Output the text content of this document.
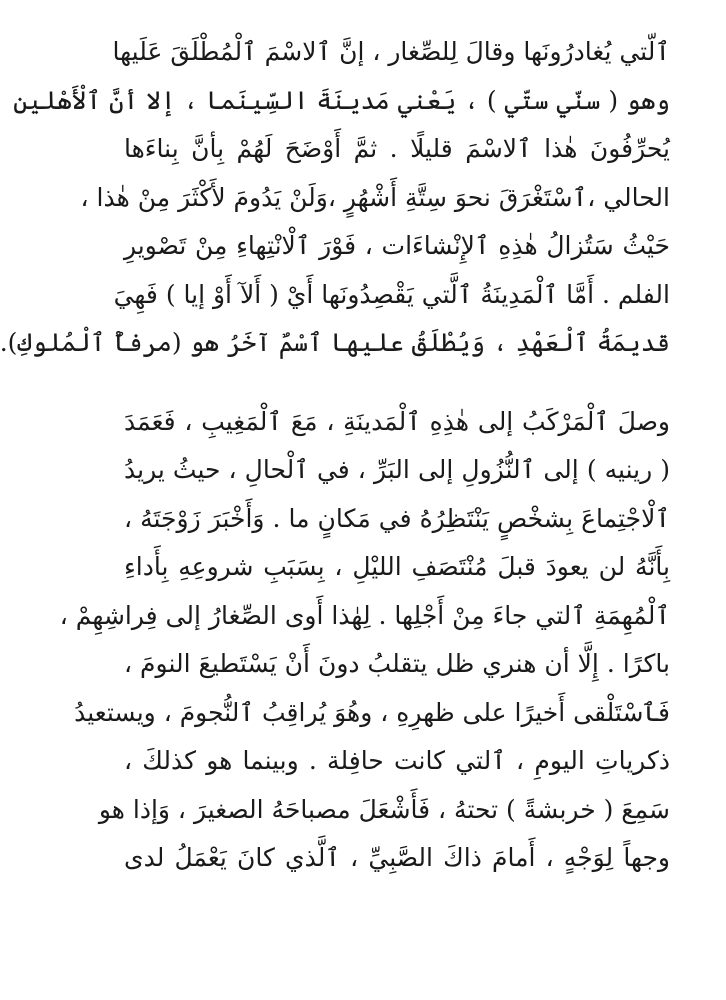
ٱلّتي يُغادرُونَها وقالَ لِلصِّغار ، إنَّ ٱلاسْمَ ٱلْمُطْلَقَ عَلَيها
وهو ( سنّي ستّي ) ، يَعْني مَدينَةَ السِّينَما ، إلا أنَّ ٱلْأَهْلين
يُحرِّفُونَ هٰذا ٱلاسْمَ قليلًا . ثمَّ أَوْضَحَ لَهُمْ بِأنَّ بِناءَها
الحالي ،ٱسْتَغْرَقَ نحوَ سِتَّةِ أَشْهُرٍ ،وَلَنْ يَدُومَ لأَكْثَرَ مِنْ هٰذا ،
حَيْثُ سَتُزالُ هٰذِهِ ٱلإِنْشاءَات ، فَوْرَ ٱلْانْتِهاءِ مِنْ تَصْويرِ
الفلم . أَمَّا ٱلْمَدِينَةُ ٱلَّتي يَقْصِدُونَها أَيْ ( أَلآ أَوْ إيا ) فَهِيَ
قديمَةُ ٱلْعَهْدِ ، وَيُطْلَقُ عليها ٱسْمٌ آخَرُ هو (مرفأُ ٱلْمُلوكِ).
وصلَ ٱلْمَرْكَبُ إلى هٰذِهِ ٱلْمَدينَةِ ، مَعَ ٱلْمَغِيبِ ، فَعَمَدَ
( رينيه ) إلى ٱلنُّزُولِ إلى البَرِّ ، في ٱلْحالِ ، حيثُ يريدُ
ٱلْاجْتِماعَ بِشخْصٍ يَنْتَظِرُهُ في مَكانٍ ما . وَأَخْبَرَ زَوْجَتَهُ ،
بِأَنَّهُ لن يعودَ قبلَ مُنْتَصَفِ الليْلِ ، بِسَبَبِ شروعِهِ بِأَداءِ
ٱلْمُهِمَةِ ٱلتي جاءَ مِنْ أَجْلِها . لِهٰذا أَوى الصِّغارُ إلى فِراشِهِمْ ،
باكرًا . إِلَّا أن هنري ظل يتقلبُ دونَ أَنْ يَسْتَطيعَ النومَ ،
فَٱسْتَلْقى أَخيرًا على ظهرِهِ ، وهُوَ يُراقِبُ ٱلنُّجومَ ، ويستعيدُ
ذكرياتِ اليومِ ، ٱلتي كانت حافِلة . وبينما هو كذلكَ ،
سَمِعَ ( خربشةً ) تحتهُ ، فَأَشْعَلَ مصباحَهُ الصغيرَ ، وَإذا هو
وجهاً لِوَجْهٍ ، أَمامَ ذاكَ الصَّبِيِّ ، ٱلَّذي كانَ يَعْمَلُ لدى
